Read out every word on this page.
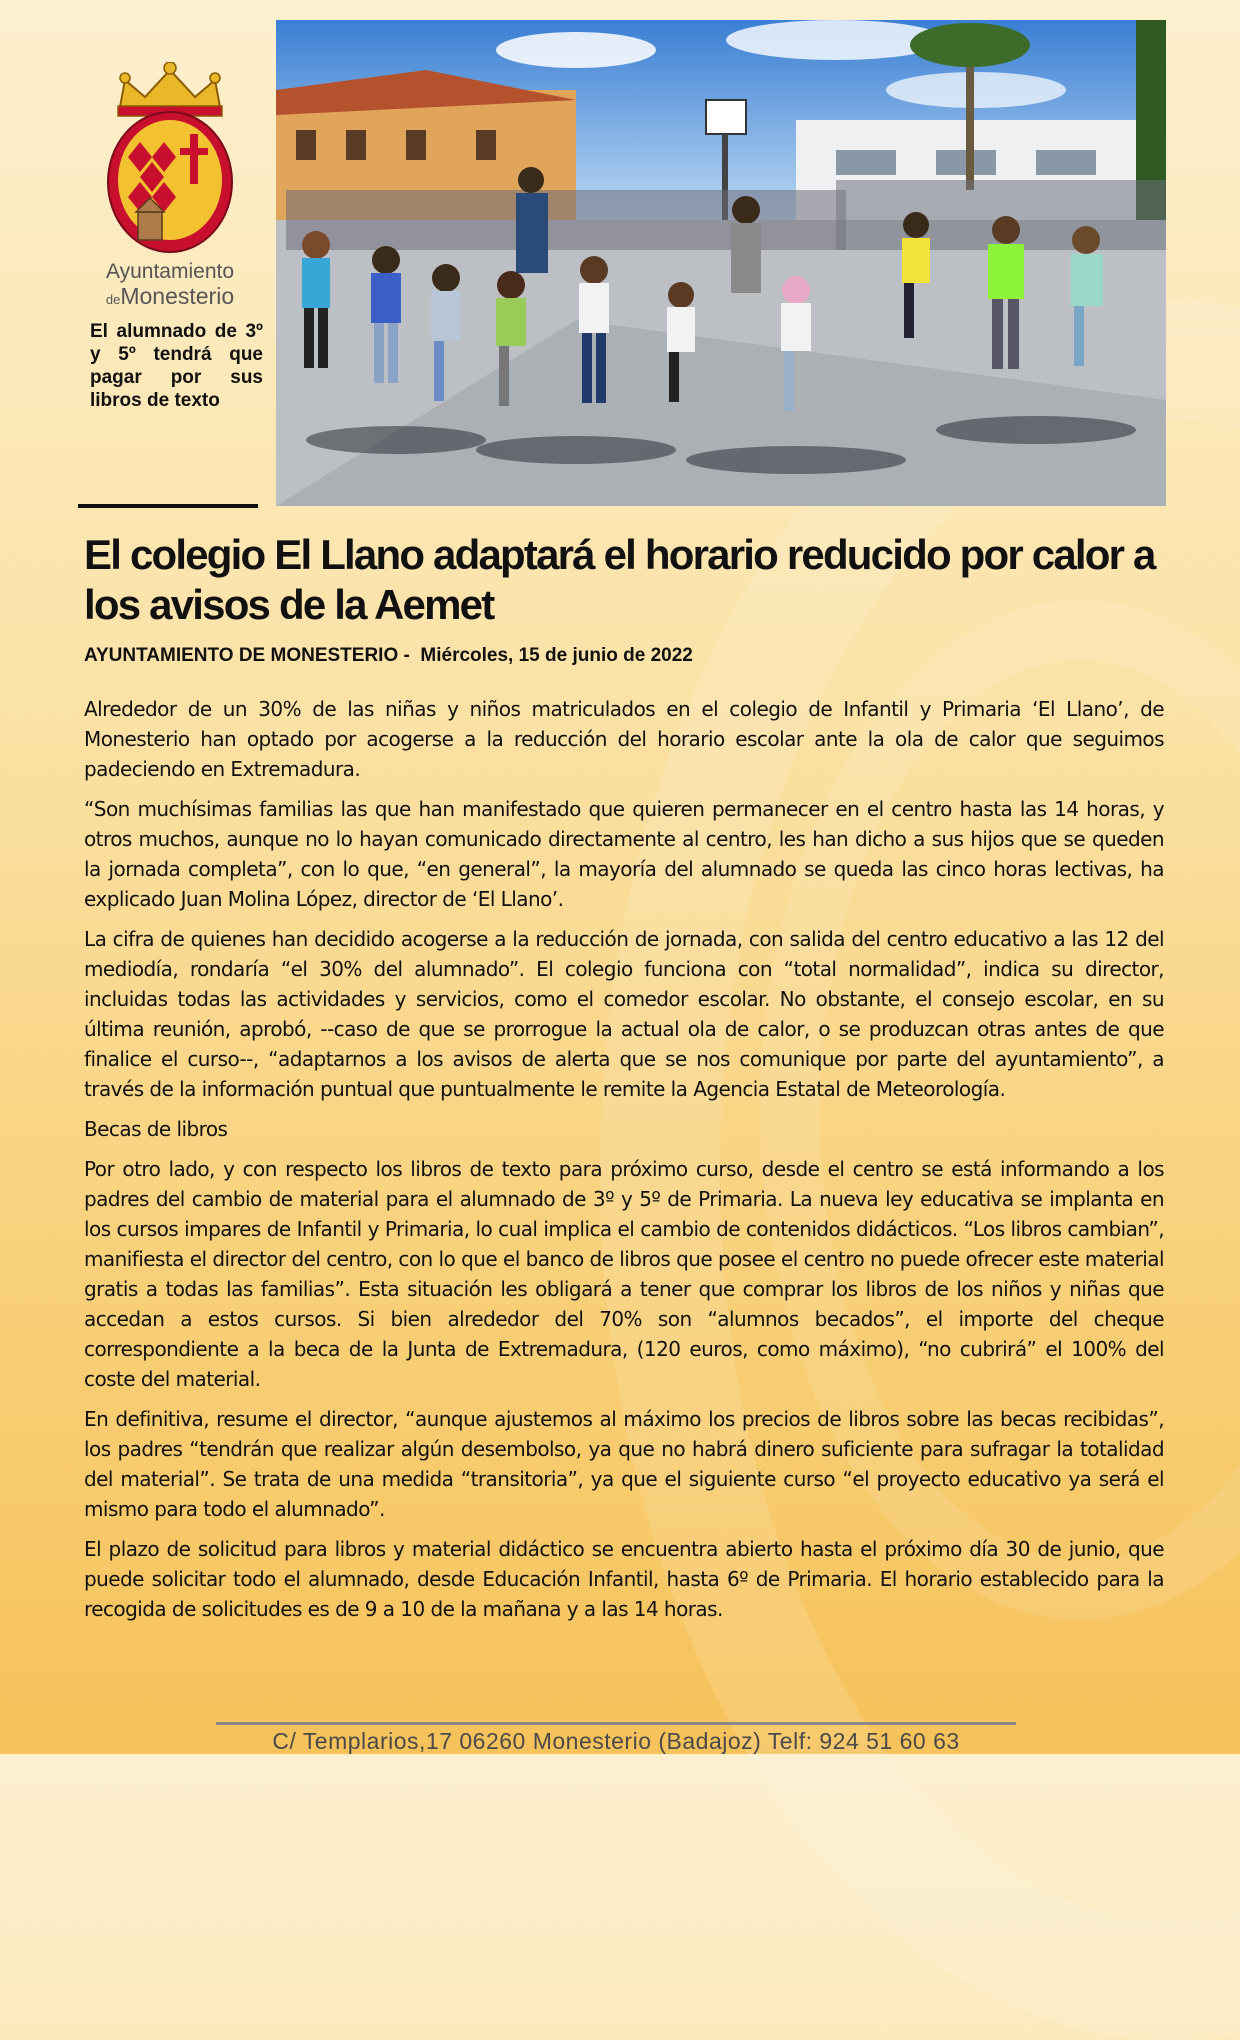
Ayuntamiento
deMonesterio
El alumnado de 3º y 5º tendrá que pagar por sus libros de texto
El colegio El Llano adaptará el horario reducido por calor a los avisos de la Aemet

AYUNTAMIENTO DE MONESTERIO - Miércoles, 15 de junio de 2022

Alrededor de un 30% de las niñas y niños matriculados en el colegio de Infantil y Primaria ‘El Llano’, de Monesterio han optado por acogerse a la reducción del horario escolar ante la ola de calor que seguimos padeciendo en Extremadura.

“Son muchísimas familias las que han manifestado que quieren permanecer en el centro hasta las 14 horas, y otros muchos, aunque no lo hayan comunicado directamente al centro, les han dicho a sus hijos que se queden la jornada completa”, con lo que, “en general”, la mayoría del alumnado se queda las cinco horas lectivas, ha explicado Juan Molina López, director de ‘El Llano’.

La cifra de quienes han decidido acogerse a la reducción de jornada, con salida del centro educativo a las 12 del mediodía, rondaría “el 30% del alumnado”. El colegio funciona con “total normalidad”, indica su director, incluidas todas las actividades y servicios, como el comedor escolar. No obstante, el consejo escolar, en su última reunión, aprobó, --caso de que se prorrogue la actual ola de calor, o se produzcan otras antes de que finalice el curso--, “adaptarnos a los avisos de alerta que se nos comunique por parte del ayuntamiento”, a través de la información puntual que puntualmente le remite la Agencia Estatal de Meteorología.

Becas de libros

Por otro lado, y con respecto los libros de texto para próximo curso, desde el centro se está informando a los padres del cambio de material para el alumnado de 3º y 5º de Primaria. La nueva ley educativa se implanta en los cursos impares de Infantil y Primaria, lo cual implica el cambio de contenidos didácticos. “Los libros cambian”, manifiesta el director del centro, con lo que el banco de libros que posee el centro no puede ofrecer este material gratis a todas las familias”. Esta situación les obligará a tener que comprar los libros de los niños y niñas que accedan a estos cursos. Si bien alrededor del 70% son “alumnos becados”, el importe del cheque correspondiente a la beca de la Junta de Extremadura, (120 euros, como máximo), “no cubrirá” el 100% del coste del material.

En definitiva, resume el director, “aunque ajustemos al máximo los precios de libros sobre las becas recibidas”, los padres “tendrán que realizar algún desembolso, ya que no habrá dinero suficiente para sufragar la totalidad del material”. Se trata de una medida “transitoria”, ya que el siguiente curso “el proyecto educativo ya será el mismo para todo el alumnado”.

El plazo de solicitud para libros y material didáctico se encuentra abierto hasta el próximo día 30 de junio, que puede solicitar todo el alumnado, desde Educación Infantil, hasta 6º de Primaria. El horario establecido para la recogida de solicitudes es de 9 a 10 de la mañana y a las 14 horas.

C/ Templarios,17 06260 Monesterio (Badajoz) Telf: 924 51 60 63
